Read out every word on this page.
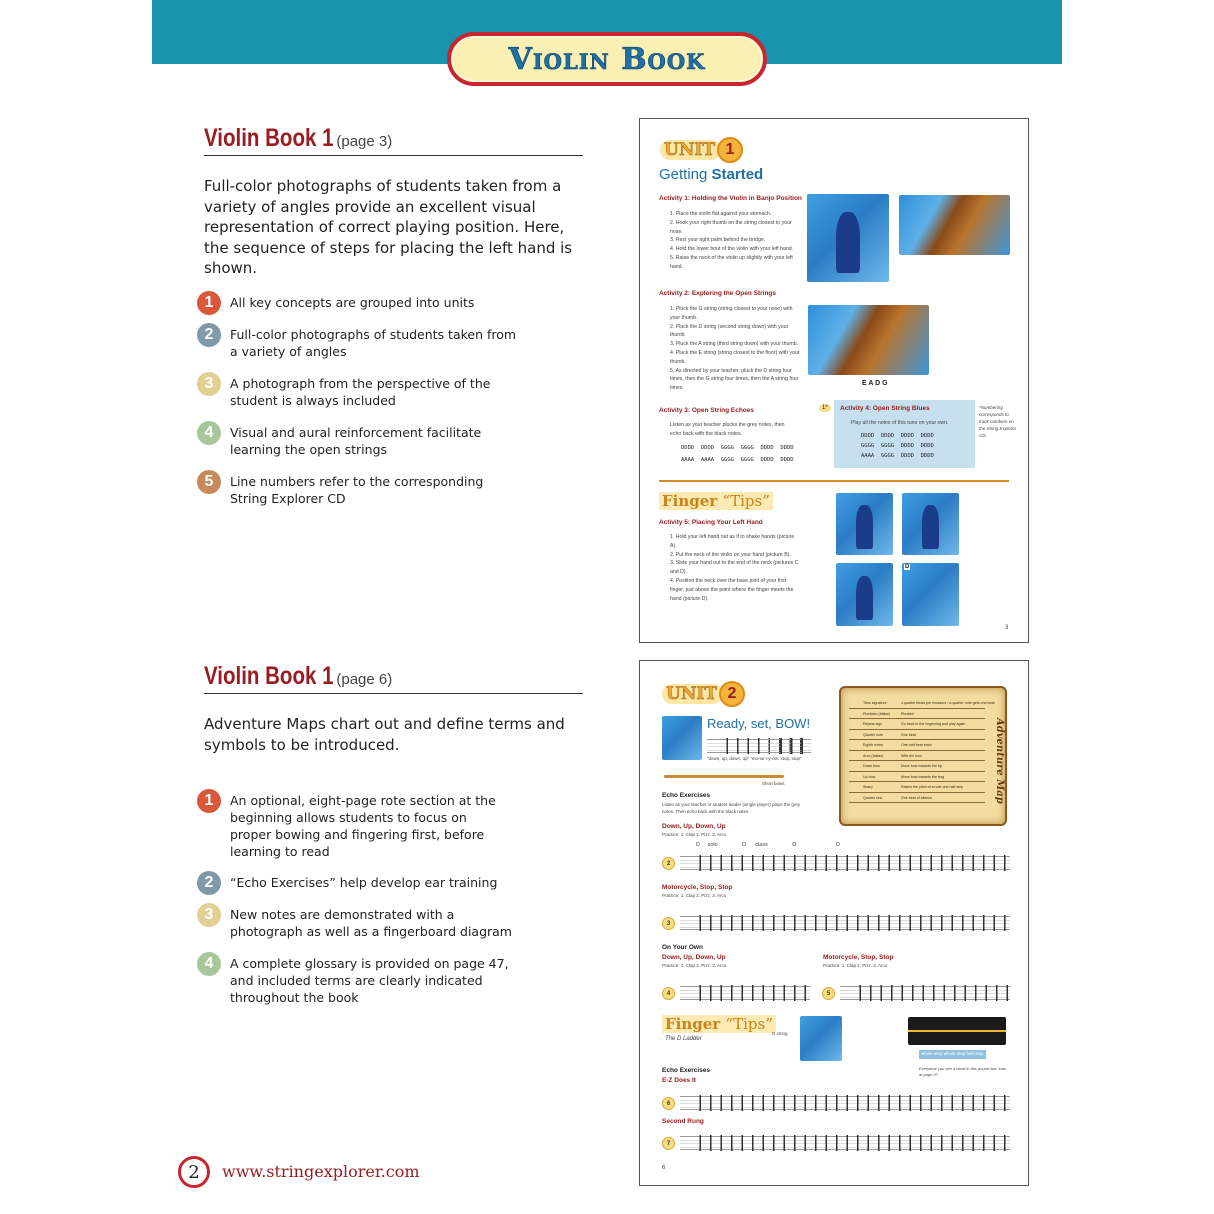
Violin Book
Violin Book 1 (page 3)
Full-color photographs of students taken from a variety of angles provide an excellent visual representation of correct playing position. Here, the sequence of steps for placing the left hand is shown.
1	All key concepts are grouped into units
2	Full-color photographs of students taken from a variety of angles
3	A photograph from the perspective of the student is always included
4	Visual and aural reinforcement facilitate learning the open strings
5	Line numbers refer to the corresponding String Explorer CD
Violin Book 1 (page 6)
Adventure Maps chart out and define terms and symbols to be introduced.
1	An optional, eight-page rote section at the beginning allows students to focus on proper bowing and fingering first, before learning to read
2	“Echo Exercises” help develop ear training
3	New notes are demonstrated with a photograph as well as a fingerboard diagram
4	A complete glossary is provided on page 47, and included terms are clearly indicated throughout the book
UNIT 1
Getting Started
Activity 1: Holding the Violin in Banjo Position
1. Place the violin flat against your stomach.
2. Hook your right thumb on the string closest to your nose.
3. Rest your right palm behind the bridge.
4. Hold the lower bout of the violin with your left hand.
5. Raise the neck of the violin up slightly with your left hand.
Activity 2: Exploring the Open Strings
1. Pluck the G string (string closest to your nose) with your thumb.
2. Pluck the D string (second string down) with your thumb.
3. Pluck the A string (third string down) with your thumb.
4. Pluck the E string (string closest to the floor) with your thumb.
5. As directed by your teacher, pluck the D string four times, then the G string four times, then the A string four times.
E A D G
Activity 3: Open String Echoes
Listen as your teacher plucks the grey notes, then echo back with the black notes.
DDDD  DDDD  GGGG  GGGG  DDDD  DDDD
AAAA  AAAA  GGGG  GGGG  DDDD  DDDD
1*	Activity 4: Open String Blues
Play all the notes of this tune on your own.
DDDD  DDDD  DDDD  DDDD
GGGG  GGGG  DDDD  DDDD
AAAA  GGGG  DDDD  DDDD
*Numbering corresponds to track numbers on the String Explorer CD.
Finger “Tips”
Activity 5: Placing Your Left Hand
1. Hold your left hand out as if to shake hands (picture A).
2. Put the neck of the violin on your hand (picture B).
3. Slide your hand out to the end of the neck (pictures C and D).
4. Position the neck over the base joint of your first finger, just above the point where the finger meets the hand (picture D).
D
3
UNIT 2
Ready, set, BOW!
“down, up, down, up” “mo-tor-cy-cle, stop, stop”
Short bows	Adventure Map
Time signature	4 quarter beats per measure / a quarter note gets one beat
Pizzicato (Italian)	Plucked
Repeat sign	Go back to the beginning and play again
Quarter note	One beat
Eighth notes	One-half beat each
Arco (Italian)	With the bow
Down bow	Move bow towards the tip
Up bow	Move bow towards the frog
Sharp	Raises the pitch of a note one half step
Quarter rest	One beat of silence
Echo Exercises
Listen as your teacher or student leader (single player) plays the grey notes. Then echo back with the black notes.
Down, Up, Down, Up
Practice: 1. Clap 2. Pizz. 3. Arco
D     solo                D      class                D                          D
2
Motorcycle, Stop, Stop
Practice: 1. Clap 2. Pizz. 3. Arco
3
On Your Own
Down, Up, Down, Up
Practice: 1. Clap 2. Pizz. 3. Arco
Motorcycle, Stop, Stop
Practice: 1. Clap 2. Pizz. 3. Arco
4	5
Finger “Tips”
The D Ladder
D string
whole step whole step half step
Everytime you see a bend in this purple line, look at page 47.
Echo Exercises
E-Z Does It
6
Second Rung
7
6
2	www.stringexplorer.com
